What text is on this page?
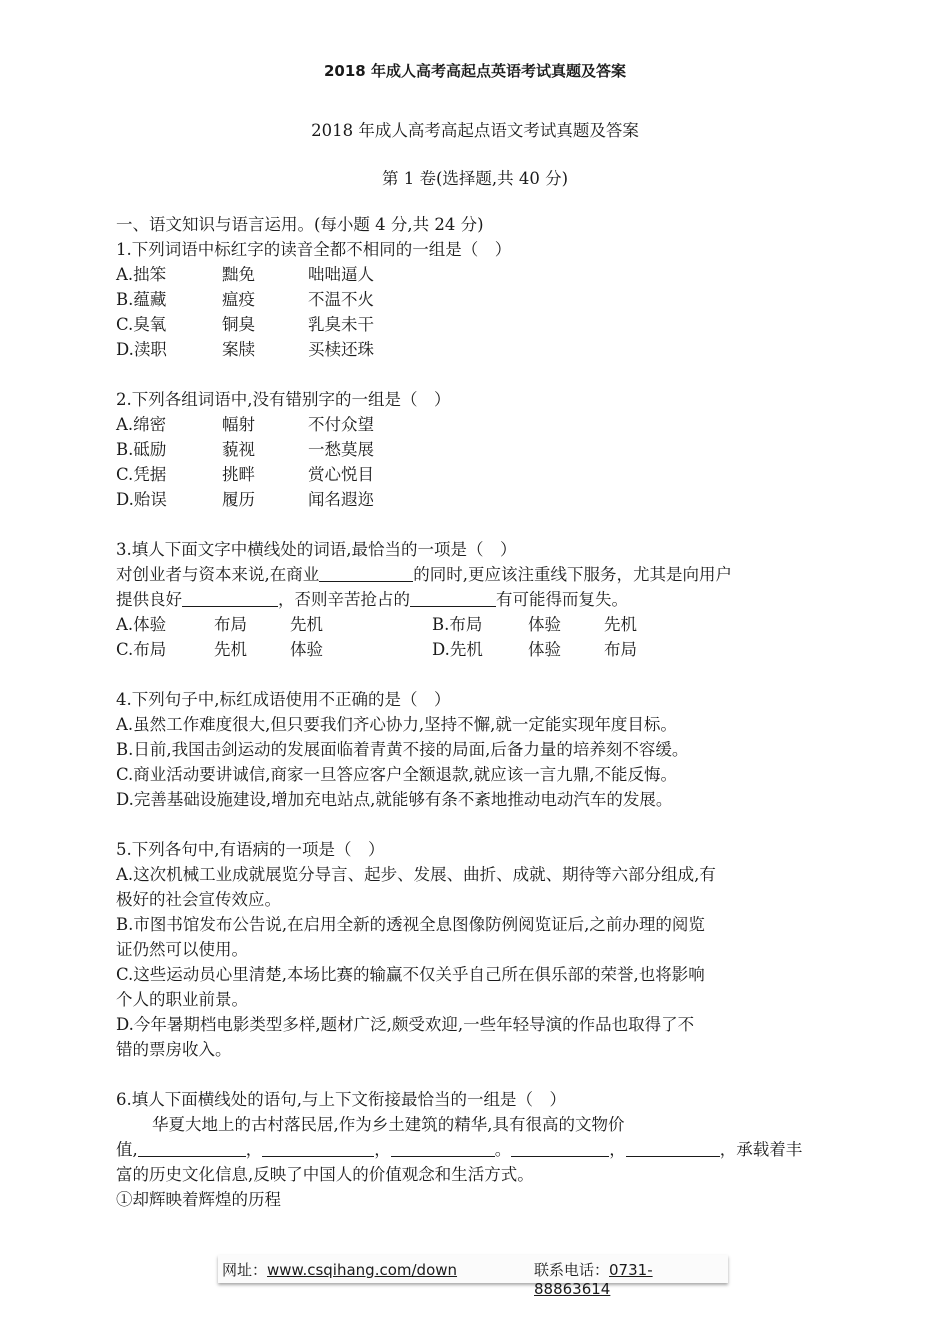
2018 年成人高考高起点英语考试真题及答案
2018 年成人高考高起点语文考试真题及答案
第 1 卷(选择题,共 40 分)
一、语文知识与语言运用。(每小题 4 分,共 24 分)
1.下列词语中标红字的读音全都不相同的一组是（　）
A.拙笨	黜免	咄咄逼人
B.蕴藏	瘟疫	不温不火
C.臭氧	铜臭	乳臭未干
D.渎职	案牍	买椟还珠
2.下列各组词语中,没有错别字的一组是（　）
A.绵密	幅射	不付众望
B.砥励	藐视	一愁莫展
C.凭据	挑畔	赏心悦目
D.贻误	履历	闻名遐迩
3.填人下面文字中横线处的词语,最恰当的一项是（　）
对创业者与资本来说,在商业	的同时,更应该注重线下服务，尤其是向用户
提供良好	，否则辛苦抢占的	有可能得而复失。
A.体验	布局	先机	B.布局	体验	先机
C.布局	先机	体验	D.先机	体验	布局
4.下列句子中,标红成语使用不正确的是（　）
A.虽然工作难度很大,但只要我们齐心协力,坚持不懈,就一定能实现年度目标。
B.日前,我国击剑运动的发展面临着青黄不接的局面,后备力量的培养刻不容缓。
C.商业活动要讲诚信,商家一旦答应客户全额退款,就应该一言九鼎,不能反悔。
D.完善基础设施建设,增加充电站点,就能够有条不紊地推动电动汽车的发展。
5.下列各句中,有语病的一项是（　）
A.这次机械工业成就展览分导言、起步、发展、曲折、成就、期待等六部分组成,有
极好的社会宣传效应。
B.市图书馆发布公告说,在启用全新的透视全息图像防例阅览证后,之前办理的阅览
证仍然可以使用。
C.这些运动员心里清楚,本场比赛的输赢不仅关乎自己所在俱乐部的荣誉,也将影响
个人的职业前景。
D.今年暑期档电影类型多样,题材广泛,颇受欢迎,一些年轻导演的作品也取得了不
错的票房收入。
6.填人下面横线处的语句,与上下文衔接最恰当的一组是（　）
华夏大地上的古村落民居,作为乡土建筑的精华,具有很高的文物价
值,	，	，	。	，	，承载着丰
富的历史文化信息,反映了中国人的价值观念和生活方式。
①却辉映着辉煌的历程
网址：www.csqihang.com/down	联系电话：0731-88863614
